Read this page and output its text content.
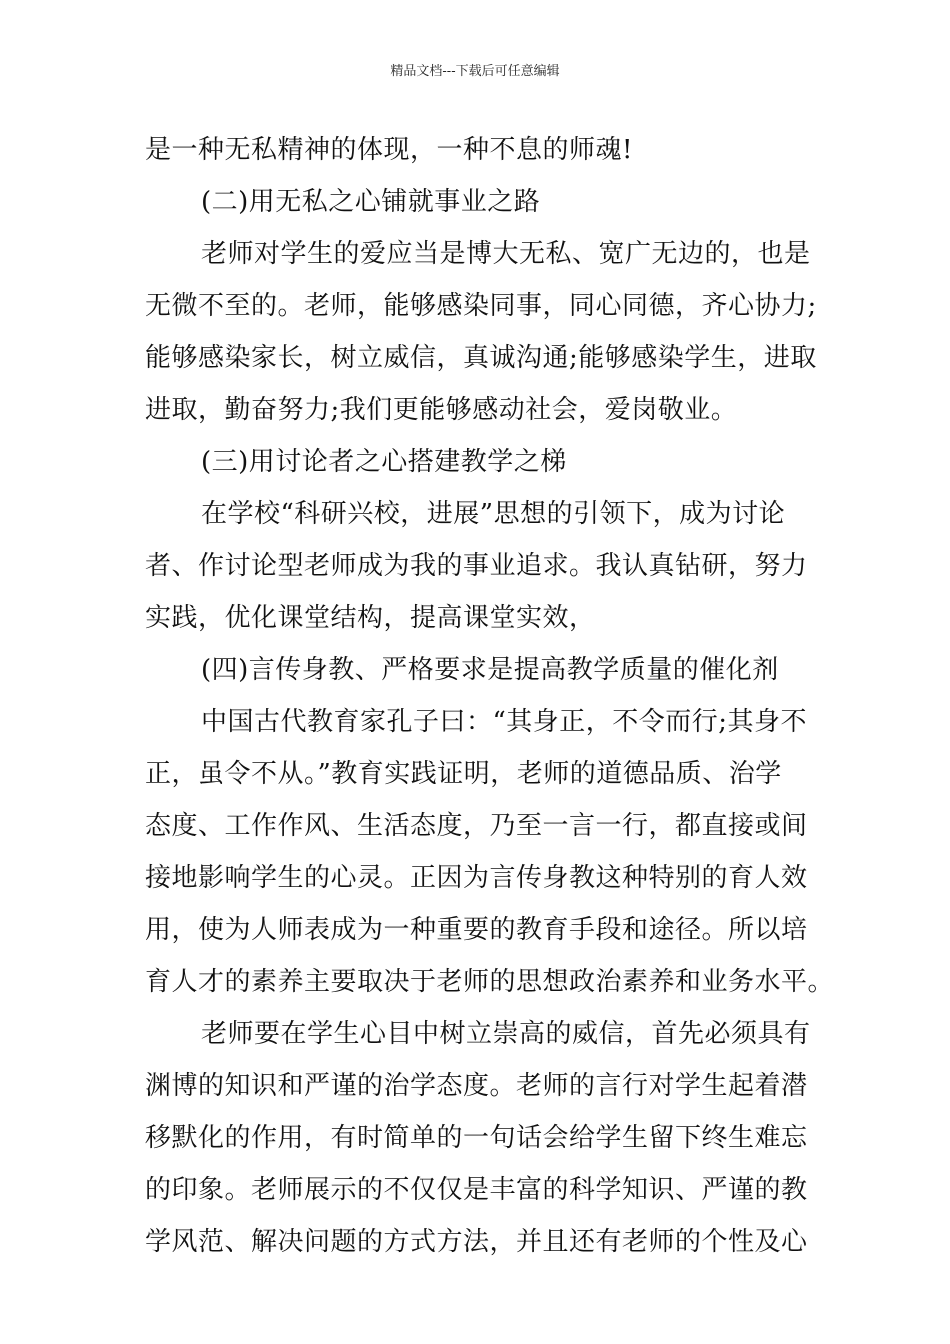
精品文档---下载后可任意编辑
是一种无私精神的体现，一种不息的师魂!
(二)用无私之心铺就事业之路
老师对学生的爱应当是博大无私、宽广无边的，也是
无微不至的。老师，能够感染同事，同心同德，齐心协力;
能够感染家长，树立威信，真诚沟通;能够感染学生，进取
进取，勤奋努力;我们更能够感动社会，爱岗敬业。
(三)用讨论者之心搭建教学之梯
在学校“科研兴校，进展”思想的引领下，成为讨论
者、作讨论型老师成为我的事业追求。我认真钻研，努力
实践，优化课堂结构，提高课堂实效，
(四)言传身教、严格要求是提高教学质量的催化剂
中国古代教育家孔子曰：“其身正，不令而行;其身不
正，虽令不从。”教育实践证明，老师的道德品质、治学
态度、工作作风、生活态度，乃至一言一行，都直接或间
接地影响学生的心灵。正因为言传身教这种特别的育人效
用，使为人师表成为一种重要的教育手段和途径。所以培
育人才的素养主要取决于老师的思想政治素养和业务水平。
老师要在学生心目中树立崇高的威信，首先必须具有
渊博的知识和严谨的治学态度。老师的言行对学生起着潜
移默化的作用，有时简单的一句话会给学生留下终生难忘
的印象。老师展示的不仅仅是丰富的科学知识、严谨的教
学风范、解决问题的方式方法，并且还有老师的个性及心
